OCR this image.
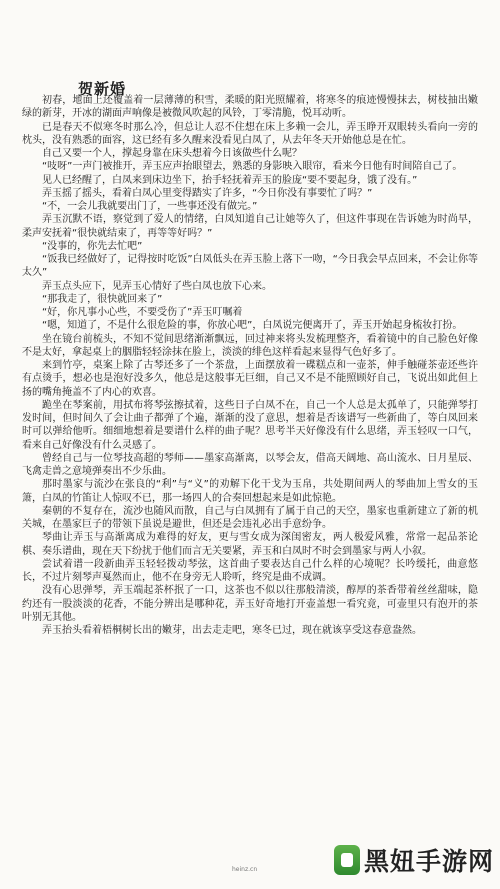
贺新婚

初春，地面上还覆盖着一层薄薄的积雪，柔暖的阳光照耀着，将寒冬的痕迹慢慢抹去，树枝抽出嫩绿的新芽，开冰的湖面声响像是被微风吹起的风铃，丁零清脆，悦耳动听。

已是春天不似寒冬时那么冷，但总让人忍不住想在床上多赖一会儿，弄玉睁开双眼转头看向一旁的枕头，没有熟悉的面容，这已经有多久醒来没看见白凤了，从去年冬天开始他总是在忙。

自己又要一个人，撑起身靠在床头想着今日该做些什么呢？

“吱呀”一声门被推开，弄玉应声抬眼望去，熟悉的身影映入眼帘，看来今日他有时间陪自己了。

见人已经醒了，白凤来到床边坐下，抬手轻抚着弄玉的脸庞“要不要起身，饿了没有。”

弄玉摇了摇头，看着白凤心里变得踏实了许多，“今日你没有事要忙了吗？”

“不，一会儿我就要出门了，一些事还没有做完。”

弄玉沉默不语，察觉到了爱人的情绪，白凤知道自己让她等久了，但这件事现在告诉她为时尚早，柔声安抚着“很快就结束了，再等等好吗？”

“没事的，你先去忙吧”

“饭我已经做好了，记得按时吃饭”白凤低头在弄玉脸上落下一吻，“今日我会早点回来，不会让你等太久”

弄玉点头应下，见弄玉心情好了些白凤也放下心来。

“那我走了，很快就回来了”

“好，你凡事小心些，不要受伤了”弄玉叮嘱着

“嗯，知道了，不是什么很危险的事，你放心吧”，白凤说完便离开了，弄玉开始起身梳妆打扮。

坐在镜台前梳头，不知不觉间思绪渐渐飘远，回过神来将头发梳理整齐，看着镜中的自己脸色好像不是太好，拿起桌上的胭脂轻轻涂抹在脸上，淡淡的绯色这样看起来显得气色好多了。

来到竹亭，桌案上除了古琴还多了一个茶盘，上面摆放着一碟糕点和一壶茶，伸手触碰茶壶还些许有点烫手，想必也是泡好没多久，他总是这般事无巨细，自己又不是不能照顾好自己，飞说出如此但上扬的嘴角掩盖不了内心的欢喜。

跪坐在琴案前，用拭布将琴弦擦拭着，这些日子白凤不在，自己一个人总是太孤单了，只能弹琴打发时间，但时间久了会让曲子都弹了个遍，渐渐的没了意思，想着是否该谱写一些新曲了，等白凤回来时可以弹给他听。细细地想着是要谱什么样的曲子呢？思考半天好像没有什么思绪，弄玉轻叹一口气，看来自己好像没有什么灵感了。

曾经自己与一位琴技高超的琴师——墨家高渐离，以琴会友，借高天阔地、高山流水、日月星辰、飞禽走兽之意境弹奏出不少乐曲。

那时墨家与流沙在张良的“利”与“义”的劝解下化干戈为玉帛，共处期间两人的琴曲加上雪女的玉箫，白凤的竹笛让人惊叹不已，那一场四人的合奏回想起来是如此惊艳。

秦朝的不复存在，流沙也随风而散，自己与白凤拥有了属于自己的天空，墨家也重新建立了新的机关城，在墨家巨子的带领下虽说是避世，但还是会违礼必出手意纷争。

琴曲让弄玉与高渐离成为难得的好友，更与雪女成为深闺密友，两人极爱风雅，常常一起品茶论棋、奏乐谱曲，现在天下纷扰于他们而言无关要紧，弄玉和白凤时不时会到墨家与两人小叙。

尝试着谱一段新曲弄玉轻轻拨动琴弦，这首曲子要表达自己什么样的心境呢？长吟缓托，曲意悠长，不过片刻琴声戛然而止，他不在身旁无人聆听，终究是曲不成调。

没有心思弹琴，弄玉端起茶杯抿了一口，这茶也不似以往那般清淡，醇厚的茶香带着丝丝甜味，隐约还有一股淡淡的花香，不能分辨出是哪种花，弄玉好奇地打开壶盖想一看究竟，可壶里只有泡开的茶叶别无其他。

弄玉抬头看着梧桐树长出的嫩芽，出去走走吧，寒冬已过，现在就该享受这春意盎然。

heinz.cn	黑妞手游网
